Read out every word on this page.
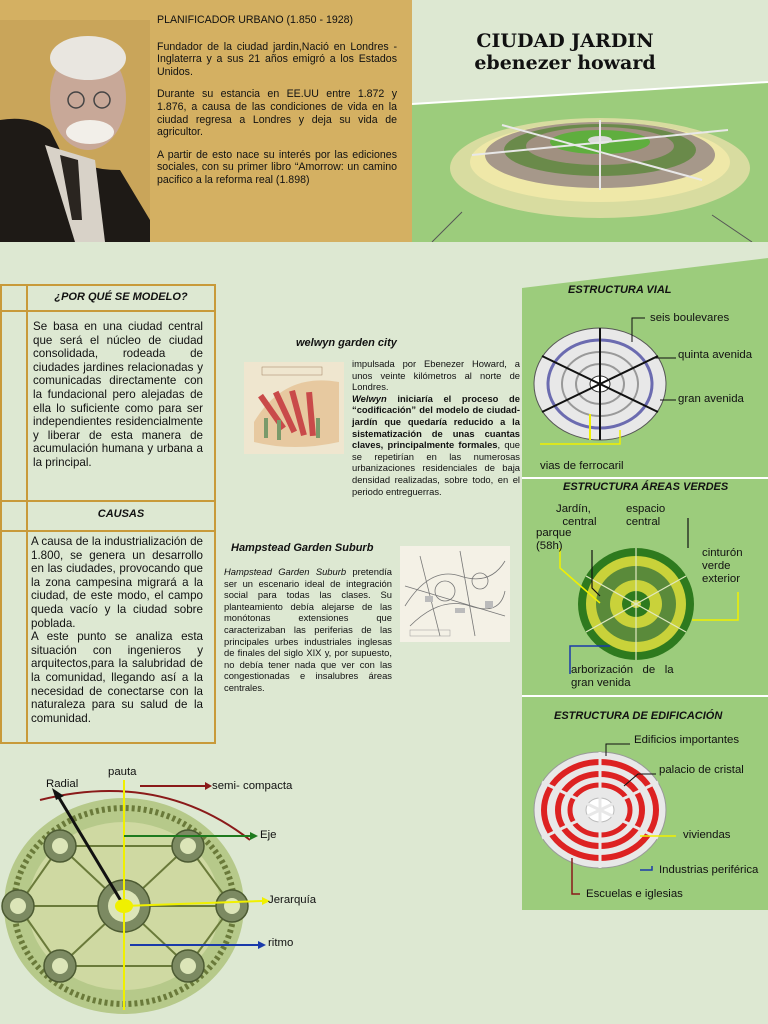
PLANIFICADOR URBANO (1.850 - 1928)

Fundador de la ciudad jardin,Nació en Londres - Inglaterra y a sus 21 años emigró a los Estados Unidos.

Durante su estancia en EE.UU entre 1.872 y 1.876, a causa de las condiciones de vida en la ciudad regresa a Londres y deja su vida de agricultor.

A partir de esto nace su interés por las ediciones sociales, con su primer libro “Amorrow: un camino pacifico a la reforma real (1.898)

CIUDAD JARDIN
ebenezer howard
¿POR QUÉ SE MODELO?
Se basa en una ciudad central que será el núcleo de ciudad consolidada, rodeada de ciudades jardines relacionadas y comunicadas directamente con la fundacional pero alejadas de ella lo suficiente como para ser independientes residencialmente y liberar de esta manera de acumulación humana y urbana a la principal.
CAUSAS
A causa de la industrialización de 1.800, se genera un desarrollo en las ciudades, provocando que la zona campesina migrará a la ciudad, de este modo, el campo queda vacío y la ciudad sobre poblada.
A este punto se analiza esta situación con ingenieros y arquitectos,para la salubridad de la comunidad, llegando así a la necesidad de conectarse con la naturaleza para su salud de la comunidad.
welwyn garden city
impulsada por Ebenezer Howard, a unos veinte kilómetros al norte de Londres.
Welwyn iniciaría el proceso de “codificación” del modelo de ciudad-jardín que quedaría reducido a la sistematización de unas cuantas claves, principalmente formales, que se repetirían en las numerosas urbanizaciones residenciales de baja densidad realizadas, sobre todo, en el periodo entreguerras.
Hampstead Garden Suburb
Hampstead Garden Suburb pretendía ser un escenario ideal de integración social para todas las clases. Su planteamiento debía alejarse de las monótonas extensiones que caracterizaban las periferias de las principales urbes industriales inglesas de finales del siglo XIX y, por supuesto, no debía tener nada que ver con las congestionadas e insalubres áreas centrales.
Radial
pauta
semi- compacta
Eje
Jerarquía
ritmo
ESTRUCTURA VIAL
seis boulevares
quinta avenida
gran avenida
vias de ferrocaril
ESTRUCTURA ÁREAS VERDES
Jardín,
central
espacio
central
parque
(58h)
cinturón
verde
exterior
arborización   de   la
gran venida
ESTRUCTURA DE EDIFICACIÓN
Edificios importantes
palacio de cristal
viviendas
Industrias periférica
Escuelas e iglesias
